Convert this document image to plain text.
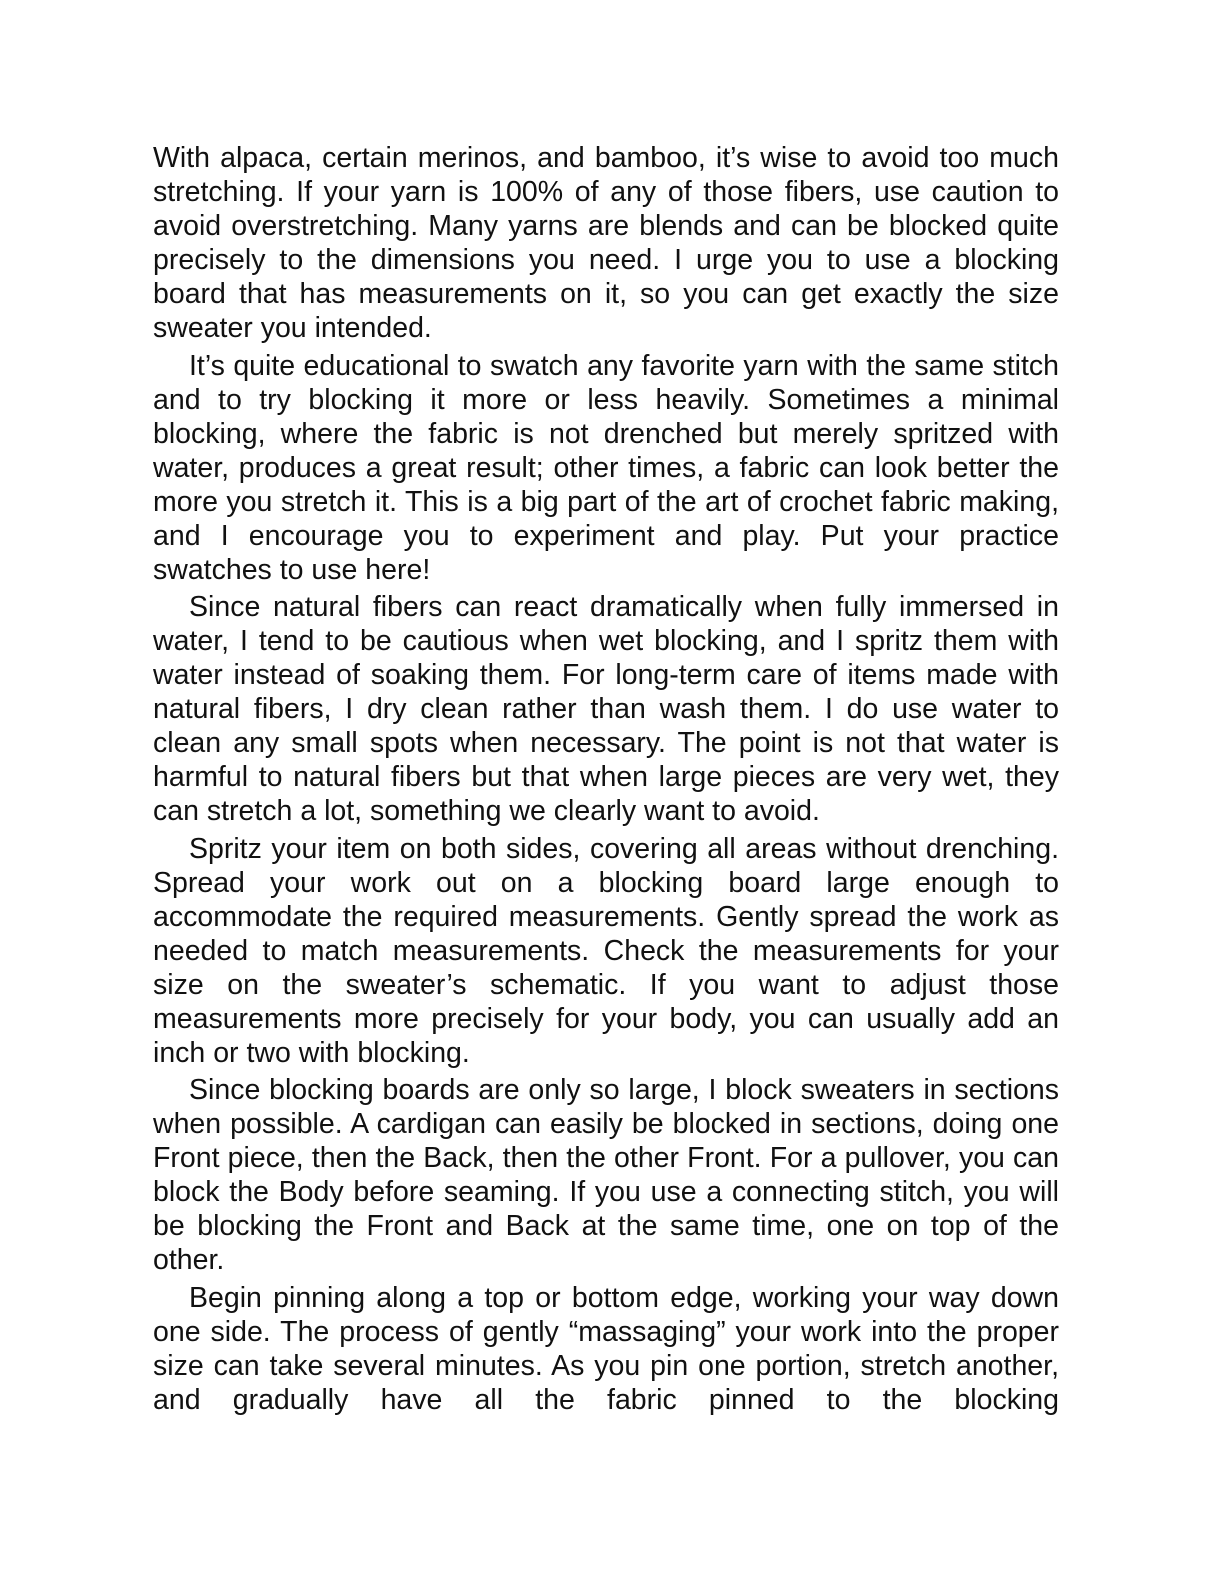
With alpaca, certain merinos, and bamboo, it’s wise to avoid too much stretching. If your yarn is 100% of any of those fibers, use caution to avoid overstretching. Many yarns are blends and can be blocked quite precisely to the dimensions you need. I urge you to use a blocking board that has measurements on it, so you can get exactly the size sweater you intended.

It’s quite educational to swatch any favorite yarn with the same stitch and to try blocking it more or less heavily. Sometimes a minimal blocking, where the fabric is not drenched but merely spritzed with water, produces a great result; other times, a fabric can look better the more you stretch it. This is a big part of the art of crochet fabric making, and I encourage you to experiment and play. Put your practice swatches to use here!

Since natural fibers can react dramatically when fully immersed in water, I tend to be cautious when wet blocking, and I spritz them with water instead of soaking them. For long-term care of items made with natural fibers, I dry clean rather than wash them. I do use water to clean any small spots when necessary. The point is not that water is harmful to natural fibers but that when large pieces are very wet, they can stretch a lot, something we clearly want to avoid.

Spritz your item on both sides, covering all areas without drenching. Spread your work out on a blocking board large enough to accommodate the required measurements. Gently spread the work as needed to match measurements. Check the measurements for your size on the sweater’s schematic. If you want to adjust those measurements more precisely for your body, you can usually add an inch or two with blocking.

Since blocking boards are only so large, I block sweaters in sections when possible. A cardigan can easily be blocked in sections, doing one Front piece, then the Back, then the other Front. For a pullover, you can block the Body before seaming. If you use a connecting stitch, you will be blocking the Front and Back at the same time, one on top of the other.

Begin pinning along a top or bottom edge, working your way down one side. The process of gently “massaging” your work into the proper size can take several minutes. As you pin one portion, stretch another, and gradually have all the fabric pinned to the blocking
